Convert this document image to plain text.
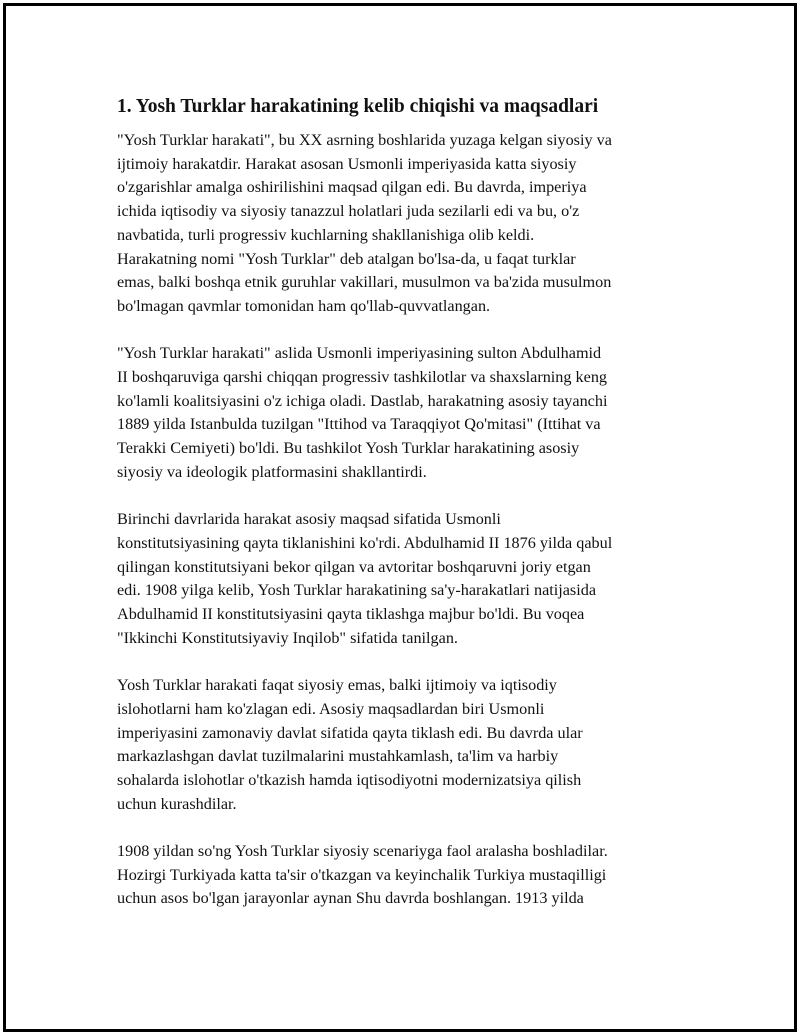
1. Yosh Turklar harakatining kelib chiqishi va maqsadlari

"Yosh Turklar harakati", bu XX asrning boshlarida yuzaga kelgan siyosiy va
ijtimoiy harakatdir. Harakat asosan Usmonli imperiyasida katta siyosiy
o'zgarishlar amalga oshirilishini maqsad qilgan edi. Bu davrda, imperiya
ichida iqtisodiy va siyosiy tanazzul holatlari juda sezilarli edi va bu, o'z
navbatida, turli progressiv kuchlarning shakllanishiga olib keldi.
Harakatning nomi "Yosh Turklar" deb atalgan bo'lsa-da, u faqat turklar
emas, balki boshqa etnik guruhlar vakillari, musulmon va ba'zida musulmon
bo'lmagan qavmlar tomonidan ham qo'llab-quvvatlangan.

"Yosh Turklar harakati" aslida Usmonli imperiyasining sulton Abdulhamid
II boshqaruviga qarshi chiqqan progressiv tashkilotlar va shaxslarning keng
ko'lamli koalitsiyasini o'z ichiga oladi. Dastlab, harakatning asosiy tayanchi
1889 yilda Istanbulda tuzilgan "Ittihod va Taraqqiyot Qo'mitasi" (Ittihat va
Terakki Cemiyeti) bo'ldi. Bu tashkilot Yosh Turklar harakatining asosiy
siyosiy va ideologik platformasini shakllantirdi.

Birinchi davrlarida harakat asosiy maqsad sifatida Usmonli
konstitutsiyasining qayta tiklanishini ko'rdi. Abdulhamid II 1876 yilda qabul
qilingan konstitutsiyani bekor qilgan va avtoritar boshqaruvni joriy etgan
edi. 1908 yilga kelib, Yosh Turklar harakatining sa'y-harakatlari natijasida
Abdulhamid II konstitutsiyasini qayta tiklashga majbur bo'ldi. Bu voqea
"Ikkinchi Konstitutsiyaviy Inqilob" sifatida tanilgan.

Yosh Turklar harakati faqat siyosiy emas, balki ijtimoiy va iqtisodiy
islohotlarni ham ko'zlagan edi. Asosiy maqsadlardan biri Usmonli
imperiyasini zamonaviy davlat sifatida qayta tiklash edi. Bu davrda ular
markazlashgan davlat tuzilmalarini mustahkamlash, ta'lim va harbiy
sohalarda islohotlar o'tkazish hamda iqtisodiyotni modernizatsiya qilish
uchun kurashdilar.

1908 yildan so'ng Yosh Turklar siyosiy scenariyga faol aralasha boshladilar.
Hozirgi Turkiyada katta ta'sir o'tkazgan va keyinchalik Turkiya mustaqilligi
uchun asos bo'lgan jarayonlar aynan Shu davrda boshlangan. 1913 yilda
